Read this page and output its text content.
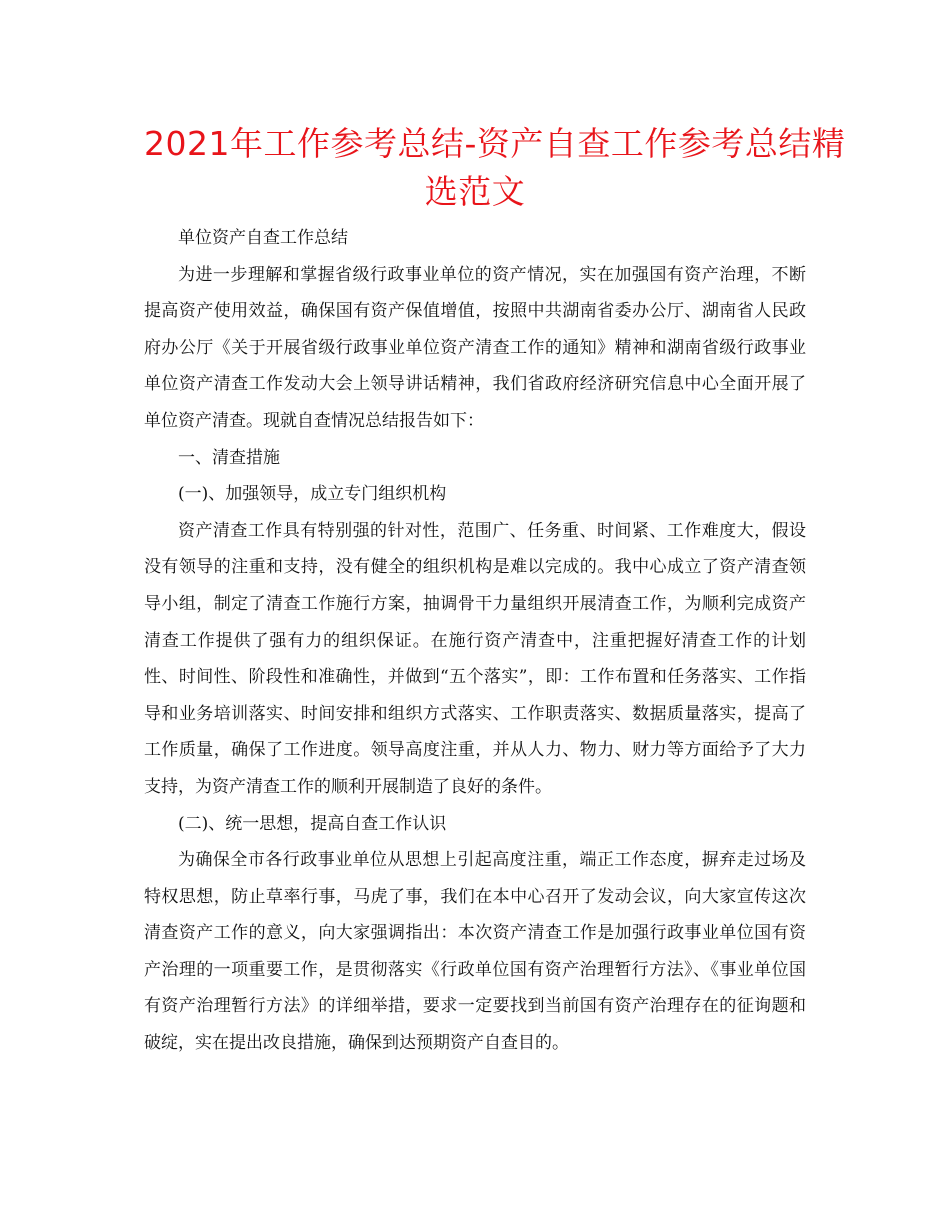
2021年工作参考总结-资产自查工作参考总结精
选范文

单位资产自查工作总结

为进一步理解和掌握省级行政事业单位的资产情况，实在加强国有资产治理，不断提高资产使用效益，确保国有资产保值增值，按照中共湖南省委办公厅、湖南省人民政府办公厅《关于开展省级行政事业单位资产清查工作的通知》精神和湖南省级行政事业单位资产清查工作发动大会上领导讲话精神，我们省政府经济研究信息中心全面开展了单位资产清查。现就自查情况总结报告如下：

一、清查措施

(一)、加强领导，成立专门组织机构

资产清查工作具有特别强的针对性，范围广、任务重、时间紧、工作难度大，假设没有领导的注重和支持，没有健全的组织机构是难以完成的。我中心成立了资产清查领导小组，制定了清查工作施行方案，抽调骨干力量组织开展清查工作，为顺利完成资产清查工作提供了强有力的组织保证。在施行资产清查中，注重把握好清查工作的计划性、时间性、阶段性和准确性，并做到“五个落实”，即：工作布置和任务落实、工作指导和业务培训落实、时间安排和组织方式落实、工作职责落实、数据质量落实，提高了工作质量，确保了工作进度。领导高度注重，并从人力、物力、财力等方面给予了大力支持，为资产清查工作的顺利开展制造了良好的条件。

(二)、统一思想，提高自查工作认识

为确保全市各行政事业单位从思想上引起高度注重，端正工作态度，摒弃走过场及特权思想，防止草率行事，马虎了事，我们在本中心召开了发动会议，向大家宣传这次清查资产工作的意义，向大家强调指出：本次资产清查工作是加强行政事业单位国有资产治理的一项重要工作，是贯彻落实《行政单位国有资产治理暂行方法》、《事业单位国有资产治理暂行方法》的详细举措，要求一定要找到当前国有资产治理存在的征询题和破绽，实在提出改良措施，确保到达预期资产自查目的。
